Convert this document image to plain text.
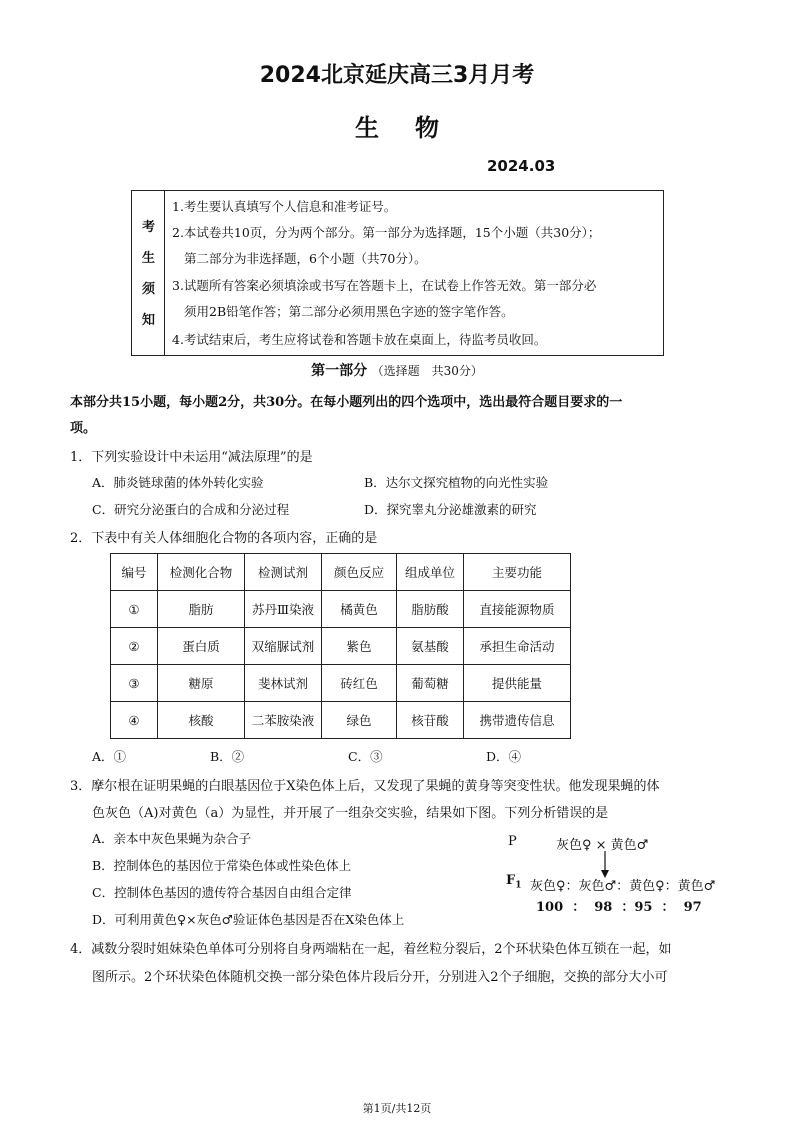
2024北京延庆高三3月月考
生物
2024.03
考
生
须
知
1.考生要认真填写个人信息和准考证号。
2.本试卷共10页，分为两个部分。第一部分为选择题，15个小题（共30分）；
第二部分为非选择题，6个小题（共70分）。
3.试题所有答案必须填涂或书写在答题卡上，在试卷上作答无效。第一部分必
须用2B铅笔作答；第二部分必须用黑色字迹的签字笔作答。
4.考试结束后，考生应将试卷和答题卡放在桌面上，待监考员收回。
第一部分 （选择题　共30分）
本部分共15小题，每小题2分，共30分。在每小题列出的四个选项中，选出最符合题目要求的一
项。
1．下列实验设计中未运用“减法原理”的是
A．肺炎链球菌的体外转化实验	B．达尔文探究植物的向光性实验
C．研究分泌蛋白的合成和分泌过程	D．探究睾丸分泌雄激素的研究
2．下表中有关人体细胞化合物的各项内容，正确的是
编号	检测化合物	检测试剂	颜色反应	组成单位	主要功能
①	脂肪	苏丹Ⅲ染液	橘黄色	脂肪酸	直接能源物质
②	蛋白质	双缩脲试剂	紫色	氨基酸	承担生命活动
③	糖原	斐林试剂	砖红色	葡萄糖	提供能量
④	核酸	二苯胺染液	绿色	核苷酸	携带遗传信息
A．①	B．②	C．③	D．④
3．摩尔根在证明果蝇的白眼基因位于X染色体上后，又发现了果蝇的黄身等突变性状。他发现果蝇的体
色灰色（A)对黄色（a）为显性，并开展了一组杂交实验，结果如下图。下列分析错误的是
A．亲本中灰色果蝇为杂合子
B．控制体色的基因位于常染色体或性染色体上
C．控制体色基因的遗传符合基因自由组合定律
D．可利用黄色♀×灰色♂验证体色基因是否在X染色体上
P	灰色♀ × 黄色♂
$F_1$ 灰色♀：灰色♂：黄色♀：黄色♂
100  ：  98  ：95  ：  97
4．减数分裂时姐妹染色单体可分别将自身两端粘在一起，着丝粒分裂后，2个环状染色体互锁在一起，如
图所示。2个环状染色体随机交换一部分染色体片段后分开，分别进入2个子细胞，交换的部分大小可
第1页/共12页
